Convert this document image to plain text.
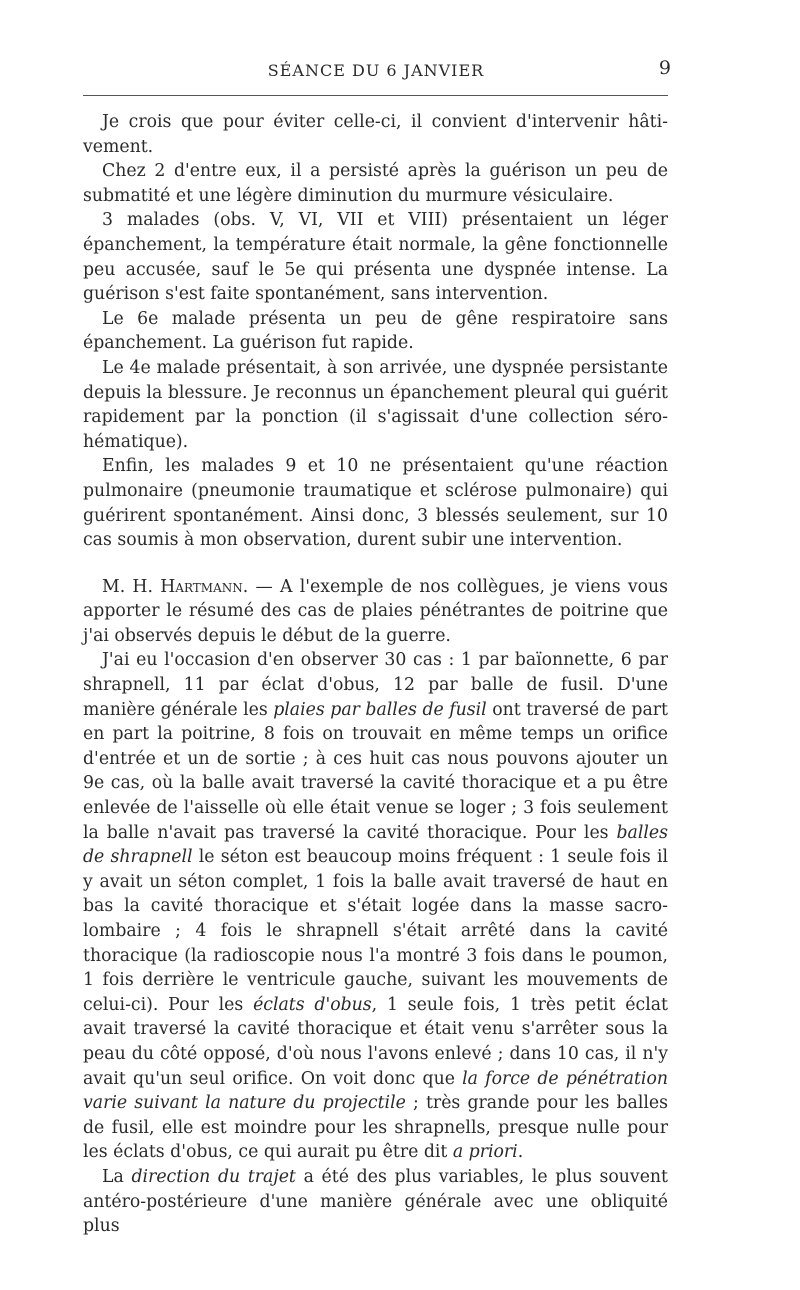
SÉANCE DU 6 JANVIER	9

Je crois que pour éviter celle-ci, il convient d'intervenir hâti-vement.

Chez 2 d'entre eux, il a persisté après la guérison un peu de submatité et une légère diminution du murmure vésiculaire.

3 malades (obs. V, VI, VII et VIII) présentaient un léger épanchement, la température était normale, la gêne fonctionnelle peu accusée, sauf le 5e qui présenta une dyspnée intense. La guérison s'est faite spontanément, sans intervention.

Le 6e malade présenta un peu de gêne respiratoire sans épanchement. La guérison fut rapide.

Le 4e malade présentait, à son arrivée, une dyspnée persistante depuis la blessure. Je reconnus un épanchement pleural qui guérit rapidement par la ponction (il s'agissait d'une collection séro-hématique).

Enfin, les malades 9 et 10 ne présentaient qu'une réaction pulmonaire (pneumonie traumatique et sclérose pulmonaire) qui guérirent spontanément. Ainsi donc, 3 blessés seulement, sur 10 cas soumis à mon observation, durent subir une intervention.

M. H. Hartmann. — A l'exemple de nos collègues, je viens vous apporter le résumé des cas de plaies pénétrantes de poitrine que j'ai observés depuis le début de la guerre.

J'ai eu l'occasion d'en observer 30 cas : 1 par baïonnette, 6 par shrapnell, 11 par éclat d'obus, 12 par balle de fusil. D'une manière générale les plaies par balles de fusil ont traversé de part en part la poitrine, 8 fois on trouvait en même temps un orifice d'entrée et un de sortie ; à ces huit cas nous pouvons ajouter un 9e cas, où la balle avait traversé la cavité thoracique et a pu être enlevée de l'aisselle où elle était venue se loger ; 3 fois seulement la balle n'avait pas traversé la cavité thoracique. Pour les balles de shrapnell le séton est beaucoup moins fréquent : 1 seule fois il y avait un séton complet, 1 fois la balle avait traversé de haut en bas la cavité thoracique et s'était logée dans la masse sacro-lombaire ; 4 fois le shrapnell s'était arrêté dans la cavité thoracique (la radioscopie nous l'a montré 3 fois dans le poumon, 1 fois derrière le ventricule gauche, suivant les mouvements de celui-ci). Pour les éclats d'obus, 1 seule fois, 1 très petit éclat avait traversé la cavité thoracique et était venu s'arrêter sous la peau du côté opposé, d'où nous l'avons enlevé ; dans 10 cas, il n'y avait qu'un seul orifice. On voit donc que la force de pénétration varie suivant la nature du projectile ; très grande pour les balles de fusil, elle est moindre pour les shrapnells, presque nulle pour les éclats d'obus, ce qui aurait pu être dit a priori.

La direction du trajet a été des plus variables, le plus souvent antéro-postérieure d'une manière générale avec une obliquité plus
